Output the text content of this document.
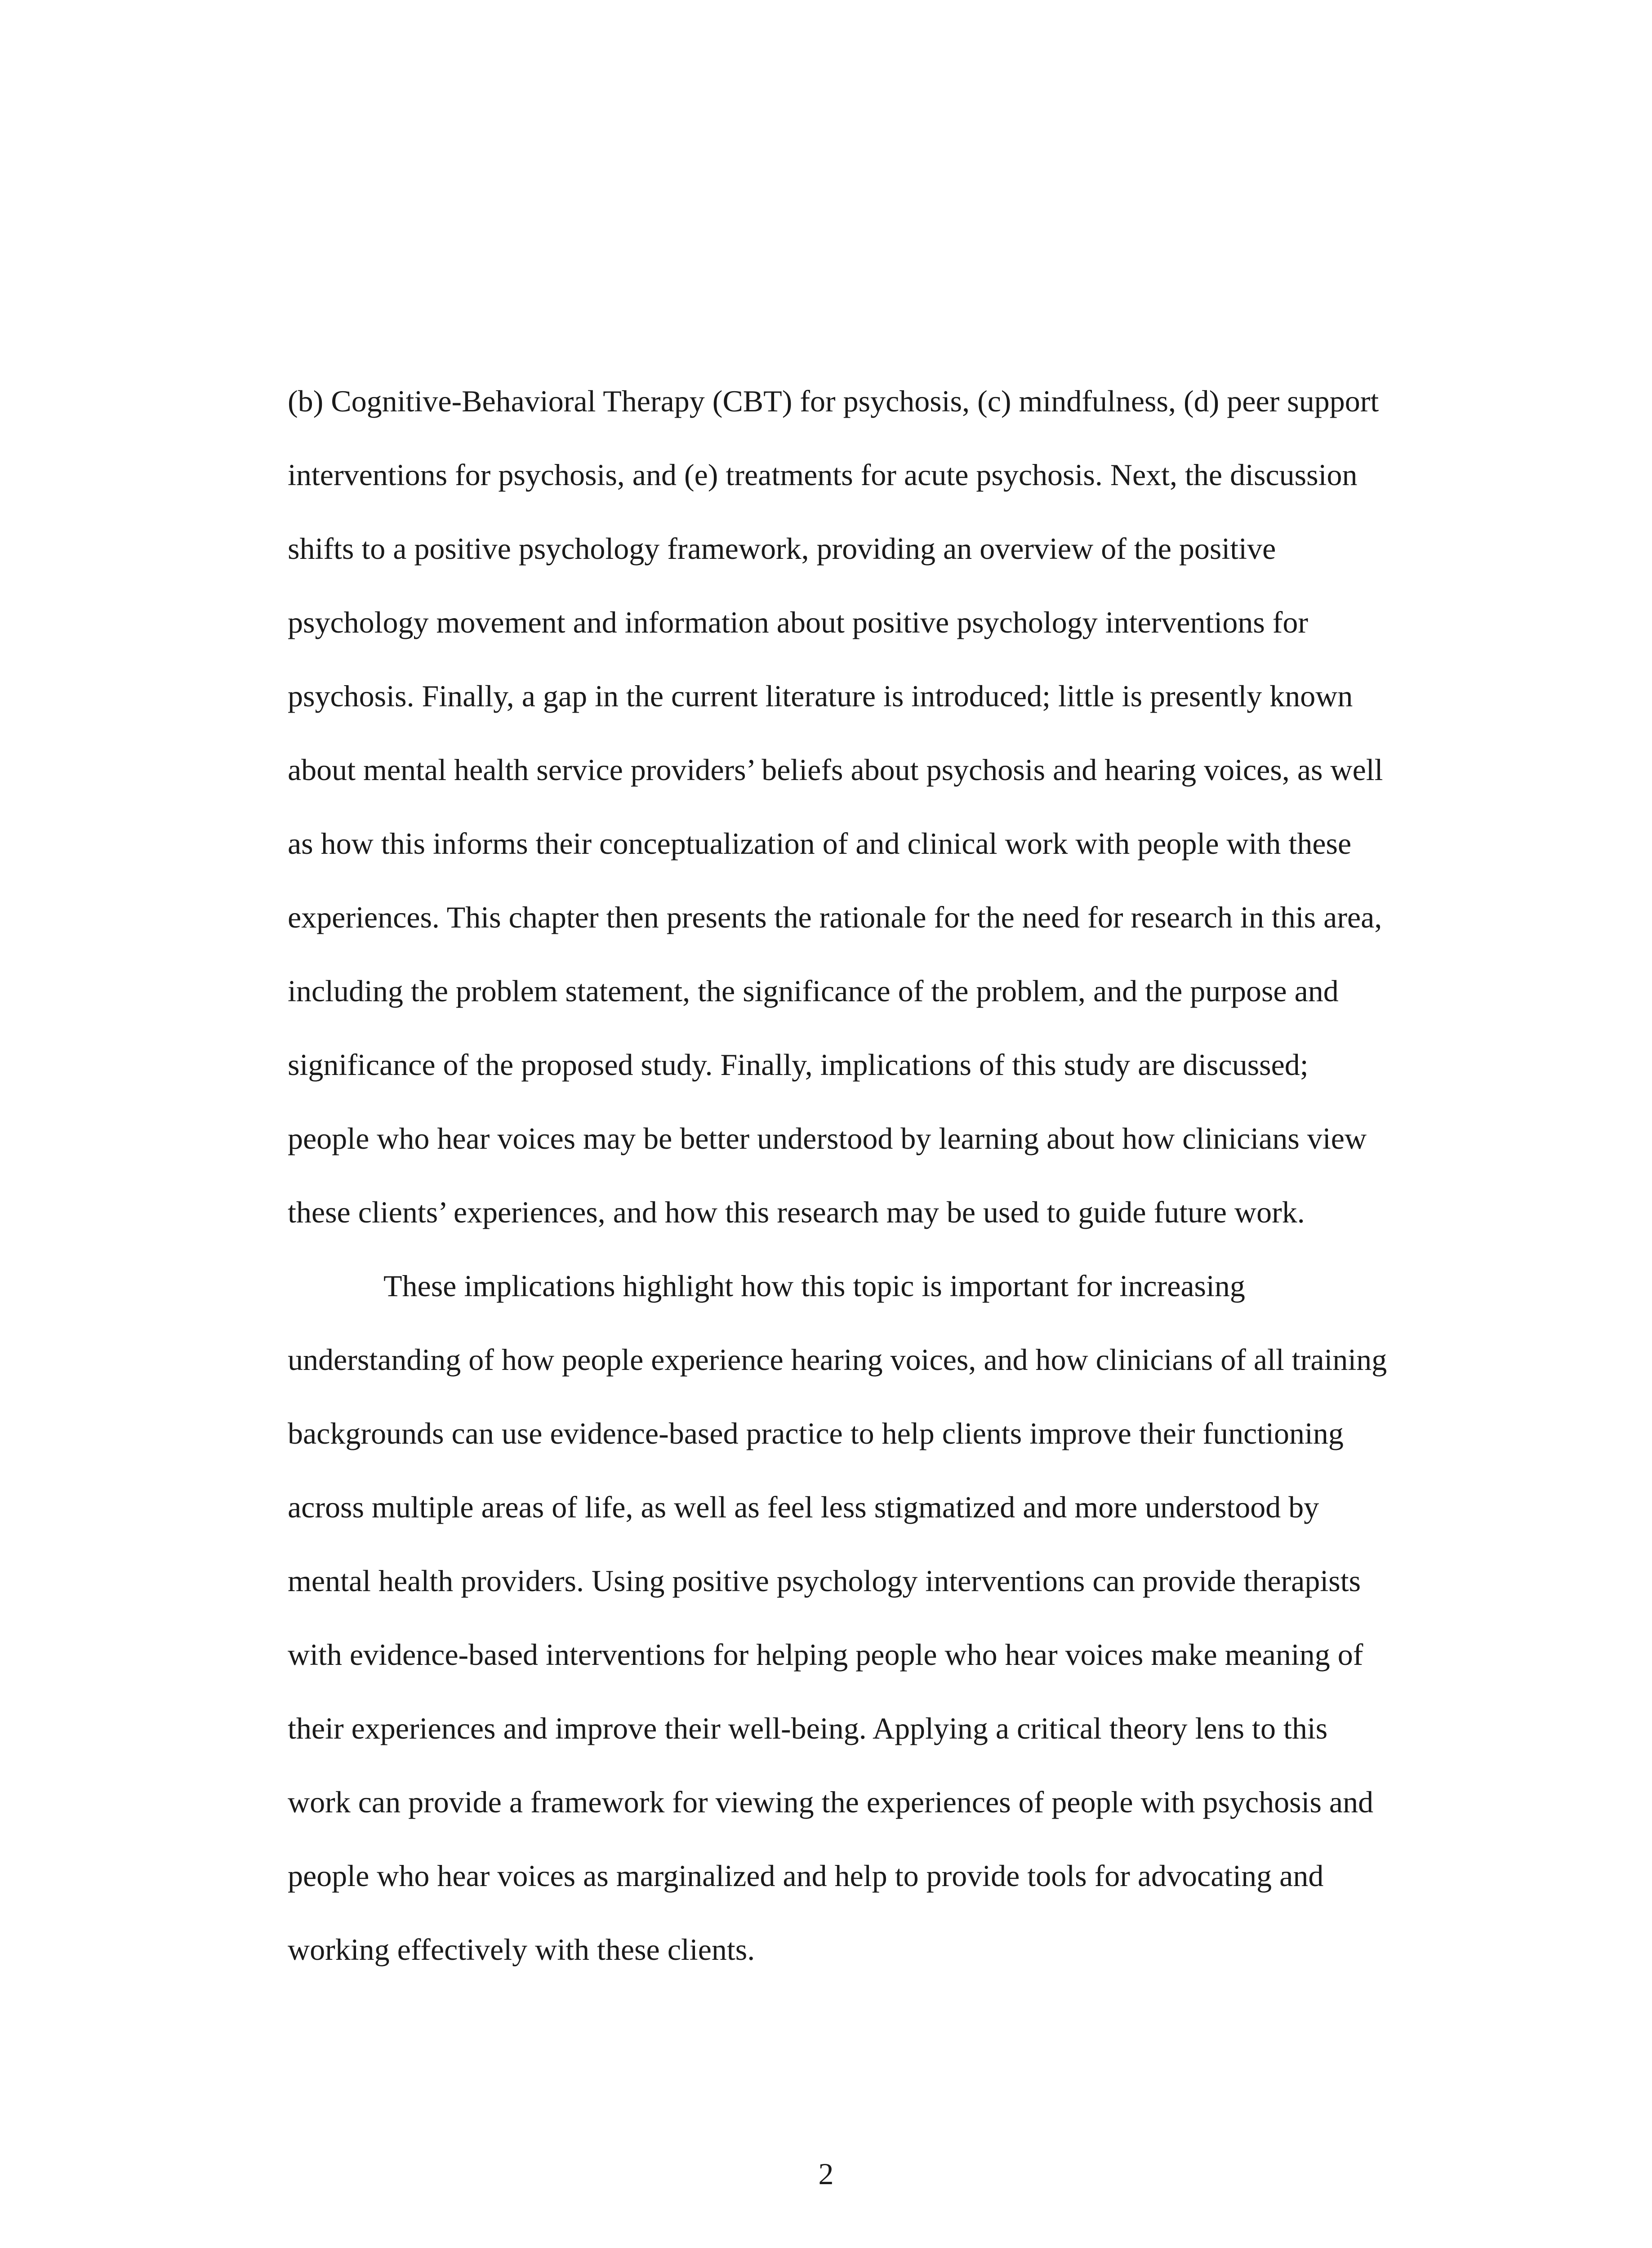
(b) Cognitive-Behavioral Therapy (CBT) for psychosis, (c) mindfulness, (d) peer support
interventions for psychosis, and (e) treatments for acute psychosis. Next, the discussion
shifts to a positive psychology framework, providing an overview of the positive
psychology movement and information about positive psychology interventions for
psychosis. Finally, a gap in the current literature is introduced; little is presently known
about mental health service providers’ beliefs about psychosis and hearing voices, as well
as how this informs their conceptualization of and clinical work with people with these
experiences. This chapter then presents the rationale for the need for research in this area,
including the problem statement, the significance of the problem, and the purpose and
significance of the proposed study. Finally, implications of this study are discussed;
people who hear voices may be better understood by learning about how clinicians view
these clients’ experiences, and how this research may be used to guide future work.
These implications highlight how this topic is important for increasing
understanding of how people experience hearing voices, and how clinicians of all training
backgrounds can use evidence-based practice to help clients improve their functioning
across multiple areas of life, as well as feel less stigmatized and more understood by
mental health providers. Using positive psychology interventions can provide therapists
with evidence-based interventions for helping people who hear voices make meaning of
their experiences and improve their well-being. Applying a critical theory lens to this
work can provide a framework for viewing the experiences of people with psychosis and
people who hear voices as marginalized and help to provide tools for advocating and
working effectively with these clients.
2
